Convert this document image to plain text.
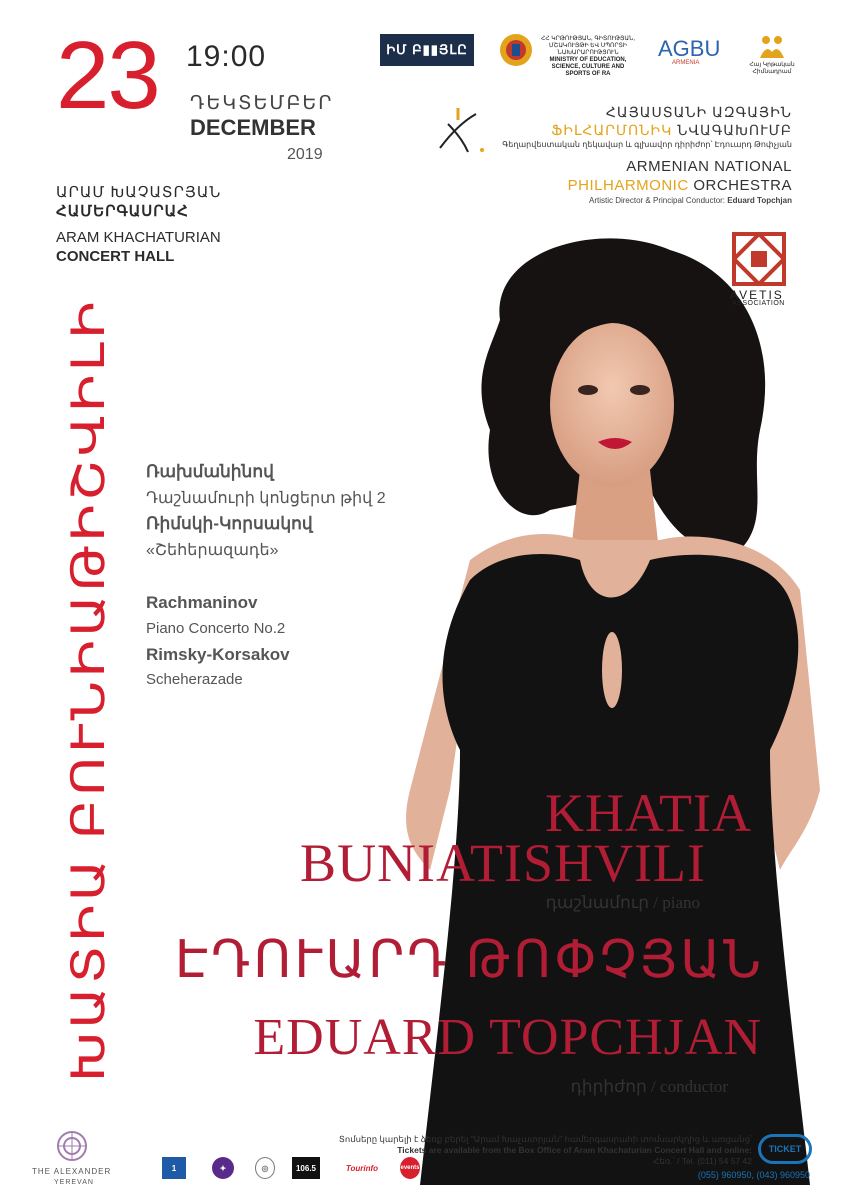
23 19:00
ԴԵԿՏԵՄԲԵՐ
DECEMBER
2019
ԱՐԱՄ ԽԱՉԱՏՐՅԱՆ
ՀԱՄԵՐԳԱՍՐԱՀ
ARAM KHACHATURIAN
CONCERT HALL
ԽԱՏԻԱ ԲՈՒՆԻԱԹԻՇՎԻԼԻ Ռախմանինով
Դաշնամուրի կոնցերտ թիվ 2
Ռիմսկի-Կորսակով
«Շեհերազադե»
Rachmaninov
Piano Concerto No.2
Rimsky-Korsakov
Scheherazade
KHATIA
BUNIATISHVILI
դաշնամուր / piano
ԷԴՈՒԱՐԴ ԹՈՓՉՅԱՆ
EDUARD TOPCHJAN
դիրիժոր / conductor
ԻՄ Բ▮▮ՅԼԸ
ՀՀ ԿՐԹՈՒԹՅԱՆ, ԳԻՏՈՒԹՅԱՆ, ՄՇԱԿՈՒՅԹԻ ԵՎ ՍՊՈՐՏԻ ՆԱԽԱՐԱՐՈՒԹՅՈՒՆ
MINISTRY OF EDUCATION, SCIENCE, CULTURE AND SPORTS OF RA
AGBU
ARMENIA	Հայ Կրթական Հիմնադրամ
ՀԱՅԱՍՏԱՆԻ ԱԶԳԱՅԻՆ
ՖԻԼՀԱՐՄՈՆԻԿ ՆՎԱԳԱԽՈՒՄԲ
Գեղարվեստական ղեկավար և գլխավոր դիրիժոր՝ Էդուարդ Թոփչյան
ARMENIAN NATIONAL
PHILHARMONIC ORCHESTRA
Artistic Director & Principal Conductor: Eduard Topchjan
AVETIS
ASSOCIATION
THE ALEXANDER
YEREVAN
1	✦	◎	106.5	Tourinfo	events
Տոմսերը կարելի է ձեռք բերել "Արամ Խաչատրյան" համերգասրահի տոմսարկղից և առցանց՝
Tickets are available from the Box Office of Aram Khachaturian Concert Hall and online:
Հեռ.՝ / Tel. (011) 54 57 42
TICKET
(055) 960950, (043) 960950
